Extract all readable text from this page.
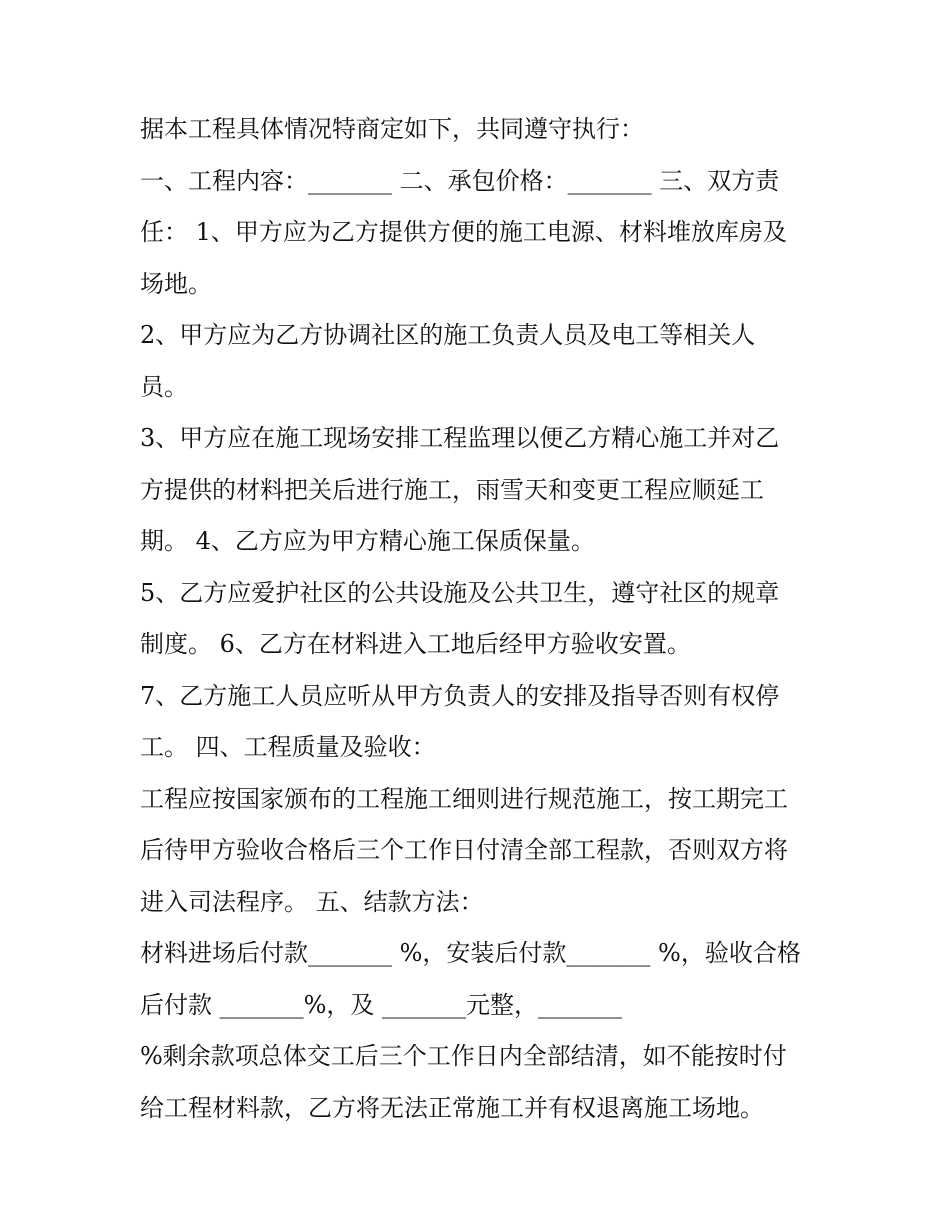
据本工程具体情况特商定如下，共同遵守执行：
一、工程内容：_______ 二、承包价格：_______ 三、双方责
任： 1、甲方应为乙方提供方便的施工电源、材料堆放库房及
场地。
2、甲方应为乙方协调社区的施工负责人员及电工等相关人
员。
3、甲方应在施工现场安排工程监理以便乙方精心施工并对乙
方提供的材料把关后进行施工，雨雪天和变更工程应顺延工
期。 4、乙方应为甲方精心施工保质保量。
5、乙方应爱护社区的公共设施及公共卫生，遵守社区的规章
制度。 6、乙方在材料进入工地后经甲方验收安置。
7、乙方施工人员应听从甲方负责人的安排及指导否则有权停
工。 四、工程质量及验收：
工程应按国家颁布的工程施工细则进行规范施工，按工期完工
后待甲方验收合格后三个工作日付清全部工程款，否则双方将
进入司法程序。 五、结款方法：
材料进场后付款_______ %，安装后付款_______ %，验收合格
后付款 _______%，及 _______元整，_______
%剩余款项总体交工后三个工作日内全部结清，如不能按时付
给工程材料款，乙方将无法正常施工并有权退离施工场地。
